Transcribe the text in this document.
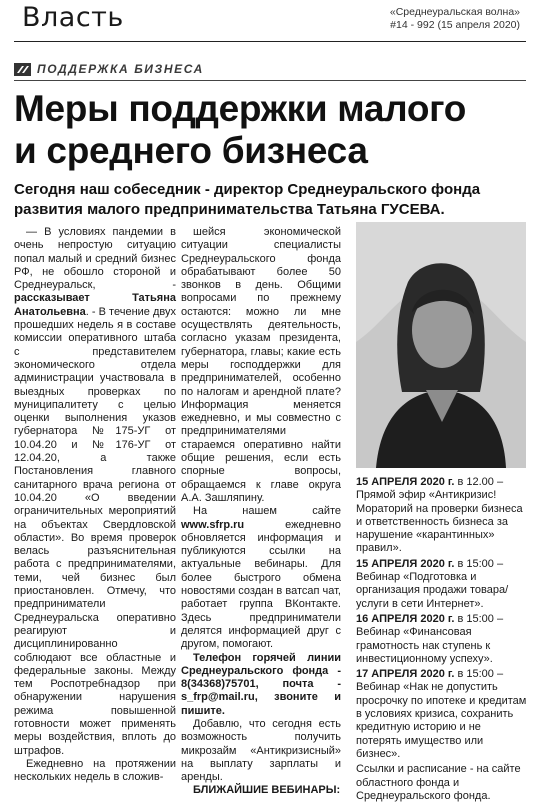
Власть	«Среднеуральская волна»
#14 - 992 (15 апреля 2020)
ПОДДЕРЖКА БИЗНЕСА
Меры поддержки малого
и среднего бизнеса
Сегодня наш собеседник - директор Среднеуральского фонда развития малого предпринимательства Татьяна ГУСЕВА.

— В условиях пандемии в очень непростую ситуацию попал малый и средний бизнес РФ, не обошло стороной и Среднеуральск, - рассказывает Татьяна Анатольевна. - В течение двух прошедших недель я в составе комиссии оперативного штаба с представителем экономического отдела администрации участвовала в выездных проверках по муниципалитету с целью оценки выполнения указов губернатора №175-УГ от 10.04.20 и №176-УГ от 12.04.20, а также Постановления главного санитарного врача региона от 10.04.20 «О введении ограничительных мероприятий на объектах Свердловской области». Во время проверок велась разъяснительная работа с предпринимателями, теми, чей бизнес был приостановлен. Отмечу, что предприниматели Среднеуральска оперативно реагируют и дисциплинированно соблюдают все областные и федеральные законы. Между тем Роспотребнадзор при обнаружении нарушения режима повышенной готовности может применять меры воздействия, вплоть до штрафов.

Ежедневно на протяжении нескольких недель в сложив-

шейся экономической ситуации специалисты Среднеуральского фонда обрабатывают более 50 звонков в день. Общими вопросами по прежнему остаются: можно ли мне осуществлять деятельность, согласно указам президента, губернатора, главы; какие есть меры господдержки для предпринимателей, особенно по налогам и арендной плате? Информация меняется ежедневно, и мы совместно с предпринимателями стараемся оперативно найти общие решения, если есть спорные вопросы, обращаемся к главе округа А.А. Зашляпину.

На нашем сайте www.sfrp.ru ежедневно обновляется информация и публикуются ссылки на актуальные вебинары. Для более быстрого обмена новостями создан в ватсап чат, работает группа ВКонтакте. Здесь предприниматели делятся информацией друг с другом, помогают.

Телефон горячей линии Среднеуральского фонда - 8(34368)75701, почта - s_frp@mail.ru, звоните и пишите.

Добавлю, что сегодня есть возможность получить микрозайм «Антикризисный» на выплату зарплаты и аренды.

БЛИЖАЙШИЕ ВЕБИНАРЫ:

15 АПРЕЛЯ 2020 г. в 12.00 – Прямой эфир «Антикризис! Мораторий на проверки бизнеса и ответственность бизнеса за нарушение «карантинных» правил».
15 АПРЕЛЯ 2020 г. в 15:00 – Вебинар «Подготовка и организация продажи товара/услуги в сети Интернет».
16 АПРЕЛЯ 2020 г. в 15:00 – Вебинар «Финансовая грамотность нак ступень к инвестиционному успеху».
17 АПРЕЛЯ 2020 г. в 15:00 – Вебинар «Нак не допустить просрочку по ипотеке и кредитам в условиях кризиса, сохранить кредитную историю и не потерять имущество или бизнес».
Ссылки и расписание - на сайте областного фонда и Среднеуральского фонда.
